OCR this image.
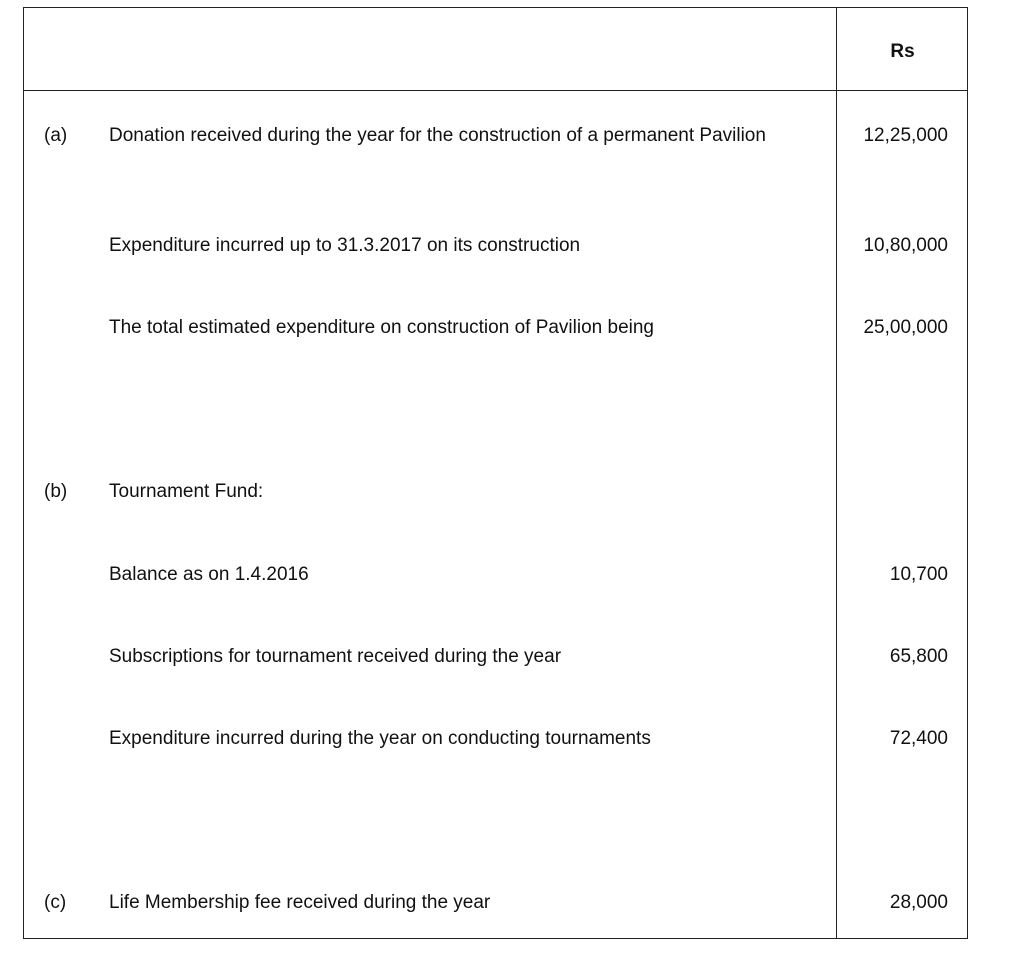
Rs
(a) Donation received during the year for the construction of a permanent Pavilion	12,25,000
Expenditure incurred up to 31.3.2017 on its construction	10,80,000
The total estimated expenditure on construction of Pavilion being	25,00,000
(b) Tournament Fund:
Balance as on 1.4.2016	10,700
Subscriptions for tournament received during the year	65,800
Expenditure incurred during the year on conducting tournaments	72,400
(c) Life Membership fee received during the year	28,000
